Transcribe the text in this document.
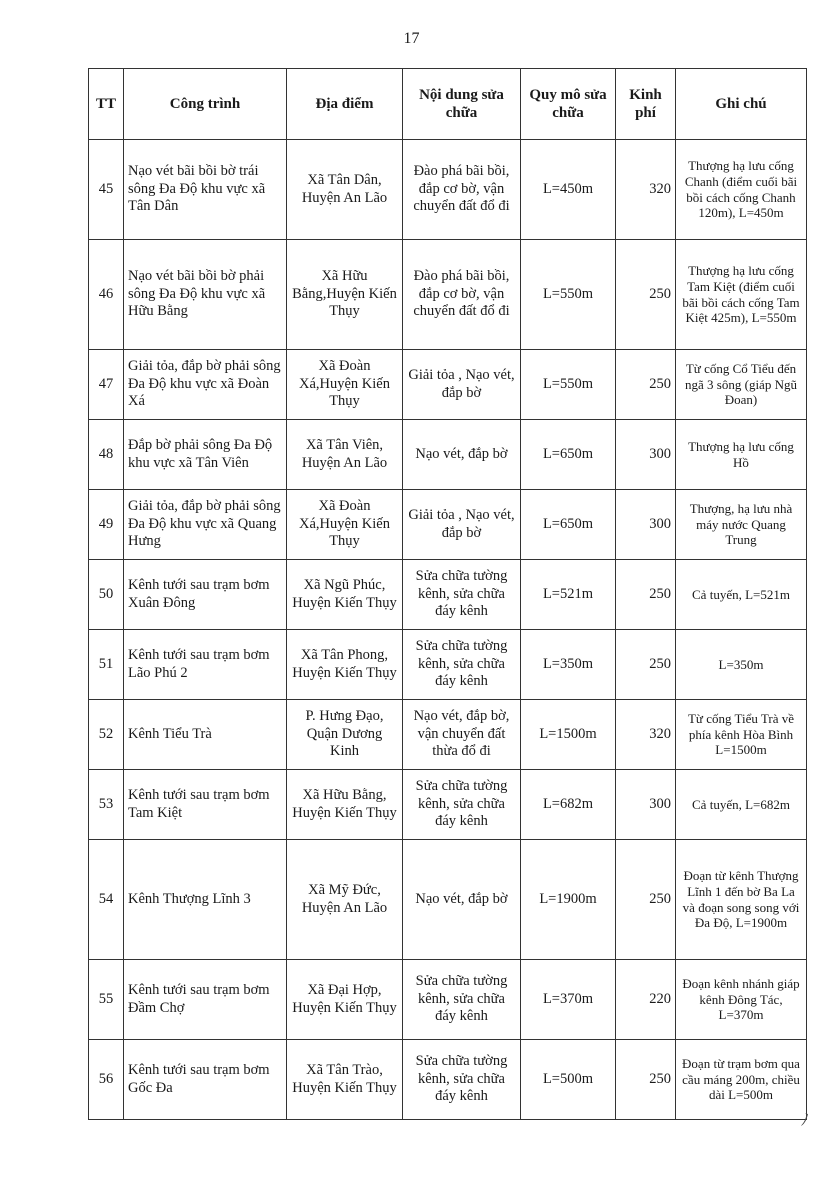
17
TT	Công trình	Địa điểm	Nội dung sửa chữa	Quy mô sửa chữa	Kinh phí	Ghi chú
45	Nạo vét bãi bồi bờ trái sông Đa Độ khu vực xã Tân Dân	Xã Tân Dân, Huyện An Lão	Đào phá bãi bồi, đắp cơ bờ, vận chuyển đất đổ đi	L=450m	320	Thượng hạ lưu cống Chanh (điểm cuối bãi bồi cách cống Chanh 120m), L=450m
46	Nạo vét bãi bồi bờ phải sông Đa Độ khu vực xã Hữu Bằng	Xã Hữu Bằng,Huyện Kiến Thụy	Đào phá bãi bồi, đắp cơ bờ, vận chuyển đất đổ đi	L=550m	250	Thượng hạ lưu cống Tam Kiệt (điểm cuối bãi bồi cách cống Tam Kiệt 425m), L=550m
47	Giải tỏa, đắp bờ phải sông Đa Độ khu vực xã Đoàn Xá	Xã Đoàn Xá,Huyện Kiến Thụy	Giải tỏa , Nạo vét, đắp bờ	L=550m	250	Từ cống Cổ Tiểu đến ngã 3 sông (giáp Ngũ Đoan)
48	Đắp bờ phải sông Đa Độ khu vực xã Tân Viên	Xã Tân Viên, Huyện An Lão	Nạo vét, đắp bờ	L=650m	300	Thượng hạ lưu cống Hồ
49	Giải tỏa, đắp bờ phải sông Đa Độ khu vực xã Quang Hưng	Xã Đoàn Xá,Huyện Kiến Thụy	Giải tỏa , Nạo vét, đắp bờ	L=650m	300	Thượng, hạ lưu nhà máy nước Quang Trung
50	Kênh tưới sau trạm bơm Xuân Đông	Xã Ngũ Phúc, Huyện Kiến Thụy	Sửa chữa tường kênh, sửa chữa đáy kênh	L=521m	250	Cả tuyến, L=521m
51	Kênh tưới sau trạm bơm Lão Phú 2	Xã Tân Phong, Huyện Kiến Thụy	Sửa chữa tường kênh, sửa chữa đáy kênh	L=350m	250	L=350m
52	Kênh Tiểu Trà	P. Hưng Đạo, Quận Dương Kinh	Nạo vét, đắp bờ, vận chuyển đất thừa đổ đi	L=1500m	320	Từ cống Tiểu Trà về phía kênh Hòa Bình L=1500m
53	Kênh tưới sau trạm bơm Tam Kiệt	Xã Hữu Bằng, Huyện Kiến Thụy	Sửa chữa tường kênh, sửa chữa đáy kênh	L=682m	300	Cả tuyến, L=682m
54	Kênh Thượng Lĩnh 3	Xã Mỹ Đức, Huyện An Lão	Nạo vét, đắp bờ	L=1900m	250	Đoạn từ kênh Thượng Lĩnh 1 đến bờ Ba La và đoạn song song với Đa Độ, L=1900m
55	Kênh tưới sau trạm bơm Đầm Chợ	Xã Đại Hợp, Huyện Kiến Thụy	Sửa chữa tường kênh, sửa chữa đáy kênh	L=370m	220	Đoạn kênh nhánh giáp kênh Đông Tác, L=370m
56	Kênh tưới sau trạm bơm Gốc Đa	Xã Tân Trào, Huyện Kiến Thụy	Sửa chữa tường kênh, sửa chữa đáy kênh	L=500m	250	Đoạn từ trạm bơm qua cầu máng 200m, chiều dài L=500m
ﾉ
